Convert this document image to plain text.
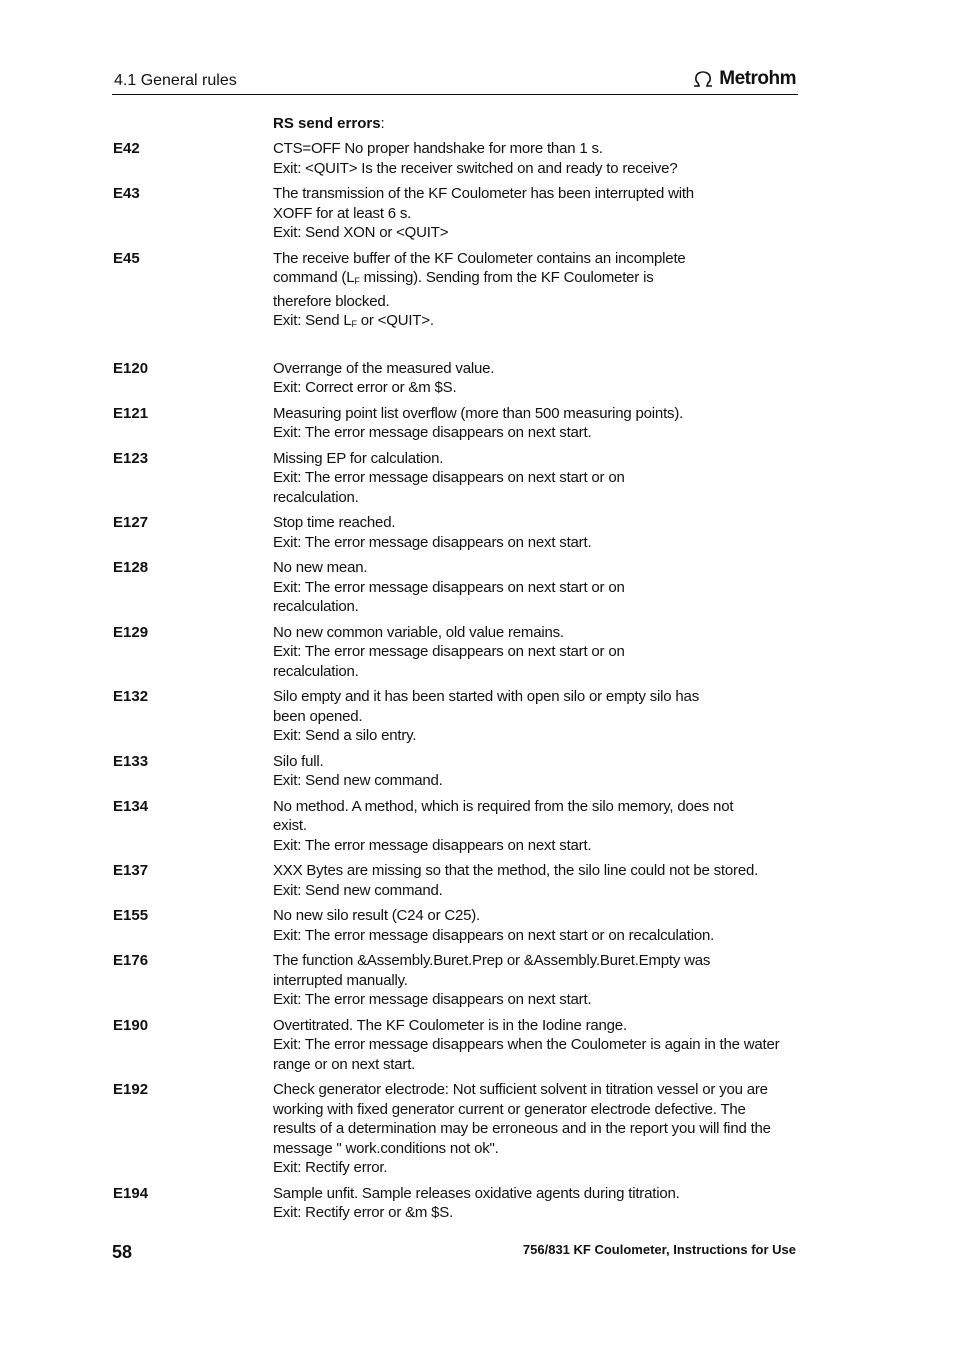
4.1 General rules	Metrohm
RS send errors:
E42	CTS=OFF No proper handshake for more than 1 s.
Exit: <QUIT> Is the receiver switched on and ready to receive?
E43	The transmission of the KF Coulometer has been interrupted with
XOFF for at least 6 s.
Exit: Send XON or <QUIT>
E45	The receive buffer of the KF Coulometer contains an incomplete
command ($L_F$ missing). Sending from the KF Coulometer is
therefore blocked.
Exit: Send $L_F$ or <QUIT>.
E120	Overrange of the measured value.
Exit: Correct error or &m $S.
E121	Measuring point list overflow (more than 500 measuring points).
Exit: The error message disappears on next start.
E123	Missing EP for calculation.
Exit: The error message disappears on next start or on
recalculation.
E127	Stop time reached.
Exit: The error message disappears on next start.
E128	No new mean.
Exit: The error message disappears on next start or on
recalculation.
E129	No new common variable, old value remains.
Exit: The error message disappears on next start or on
recalculation.
E132	Silo empty and it has been started with open silo or empty silo has
been opened.
Exit: Send a silo entry.
E133	Silo full.
Exit: Send new command.
E134	No method. A method, which is required from the silo memory, does not
exist.
Exit: The error message disappears on next start.
E137	XXX Bytes are missing so that the method, the silo line could not be stored.
Exit: Send new command.
E155	No new silo result (C24 or C25).
Exit: The error message disappears on next start or on recalculation.
E176	The function &Assembly.Buret.Prep or &Assembly.Buret.Empty was
interrupted manually.
Exit: The error message disappears on next start.
E190	Overtitrated. The KF Coulometer is in the Iodine range.
Exit: The error message disappears when the Coulometer is again in the water
range or on next start.
E192	Check generator electrode: Not sufficient solvent in titration vessel or you are
working with fixed generator current or generator electrode defective. The
results of a determination may be erroneous and in the report you will find the
message " work.conditions not ok".
Exit: Rectify error.
E194	Sample unfit. Sample releases oxidative agents during titration.
Exit: Rectify error or &m $S.
58	756/831 KF Coulometer, Instructions for Use
